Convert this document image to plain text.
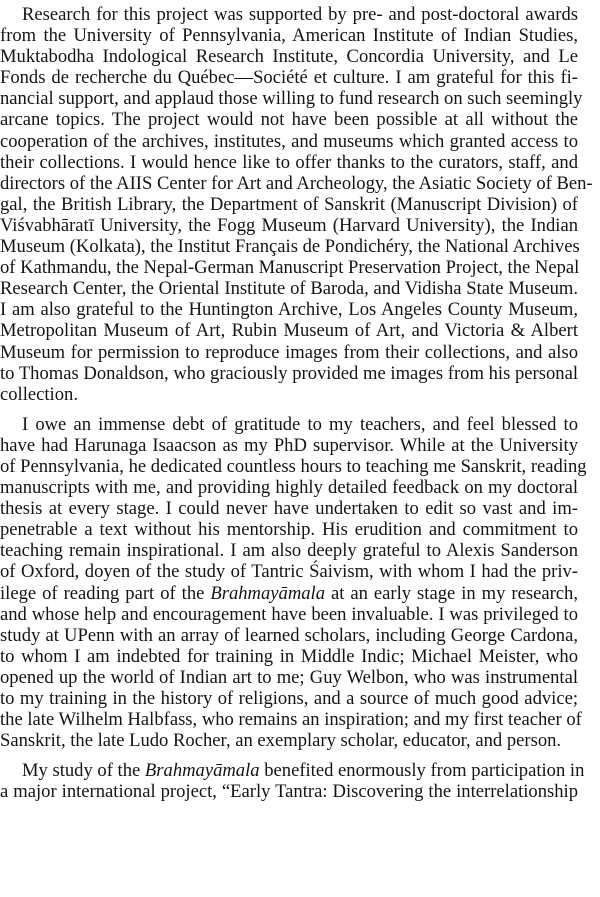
Research for this project was supported by pre- and post-doctoral awards
from the University of Pennsylvania, American Institute of Indian Studies,
Muktabodha Indological Research Institute, Concordia University, and Le
Fonds de recherche du Québec—Société et culture. I am grateful for this fi-
nancial support, and applaud those willing to fund research on such seemingly
arcane topics. The project would not have been possible at all without the
cooperation of the archives, institutes, and museums which granted access to
their collections. I would hence like to offer thanks to the curators, staff, and
directors of the AIIS Center for Art and Archeology, the Asiatic Society of Ben-
gal, the British Library, the Department of Sanskrit (Manuscript Division) of
Viśvabhāratī University, the Fogg Museum (Harvard University), the Indian
Museum (Kolkata), the Institut Français de Pondichéry, the National Archives
of Kathmandu, the Nepal-German Manuscript Preservation Project, the Nepal
Research Center, the Oriental Institute of Baroda, and Vidisha State Museum.
I am also grateful to the Huntington Archive, Los Angeles County Museum,
Metropolitan Museum of Art, Rubin Museum of Art, and Victoria & Albert
Museum for permission to reproduce images from their collections, and also
to Thomas Donaldson, who graciously provided me images from his personal
collection.
I owe an immense debt of gratitude to my teachers, and feel blessed to
have had Harunaga Isaacson as my PhD supervisor. While at the University
of Pennsylvania, he dedicated countless hours to teaching me Sanskrit, reading
manuscripts with me, and providing highly detailed feedback on my doctoral
thesis at every stage. I could never have undertaken to edit so vast and im-
penetrable a text without his mentorship. His erudition and commitment to
teaching remain inspirational. I am also deeply grateful to Alexis Sanderson
of Oxford, doyen of the study of Tantric Śaivism, with whom I had the priv-
ilege of reading part of the Brahmayāmala at an early stage in my research,
and whose help and encouragement have been invaluable. I was privileged to
study at UPenn with an array of learned scholars, including George Cardona,
to whom I am indebted for training in Middle Indic; Michael Meister, who
opened up the world of Indian art to me; Guy Welbon, who was instrumental
to my training in the history of religions, and a source of much good advice;
the late Wilhelm Halbfass, who remains an inspiration; and my first teacher of
Sanskrit, the late Ludo Rocher, an exemplary scholar, educator, and person.
My study of the Brahmayāmala benefited enormously from participation in
a major international project, “Early Tantra: Discovering the interrelationship
